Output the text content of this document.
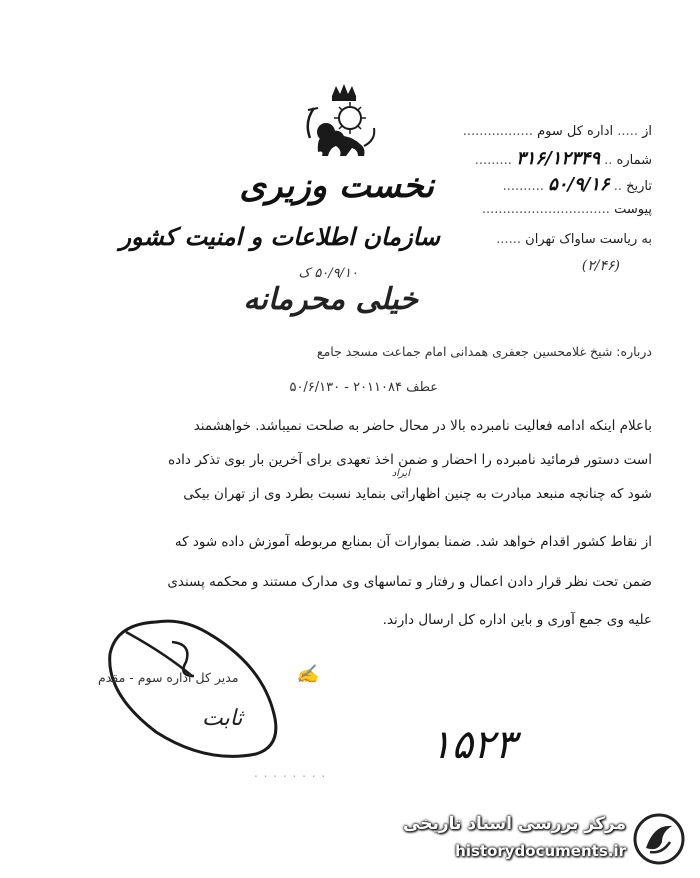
نخست وزیری
سازمان اطلاعات و امنیت کشور
۵۰/۹/۱۰ ک
خیلی محرمانه
از ..... اداره کل سوم .................
شماره .. ۳۱۶/۱۲۳۴۹ .........
تاریخ .. ۵۰/۹/۱۶ ..........
پیوست ...............................
به ریاست ساواک تهران ......
(۲/۴۶)
درباره: شیخ غلامحسین جعفری همدانی امام جماعت مسجد جامع
عطف ۲۰۱۱۰۸۴ - ۵۰/۶/۱۳۰
ایراد
باعلام اینکه ادامه فعالیت نامبرده بالا در محال حاضر به صلحت نمیباشد. خواهشمند
است دستور فرمائید نامبرده را احضار و ضمن اخذ تعهدی برای آخرین بار بوی تذکر داده
شود که چنانچه منبعد مبادرت به چنین اظهاراتی بنماید نسبت بطرد وی از تهران بیکی
از نقاط کشور اقدام خواهد شد. ضمنا بموارات آن بمنابع مربوطه آموزش داده شود که
ضمن تحت نظر قرار دادن اعمال و رفتار و تماسهای وی مدارک مستند و محکمه پسندی
علیه وی جمع آوری و باین اداره کل ارسال دارند.
ثابت
✍
مدیر کل اداره سوم - مقدم
۱۵۲۳
. . . . . . . .
مرکز بررسی اسناد تاریخی
historydocuments.ir
